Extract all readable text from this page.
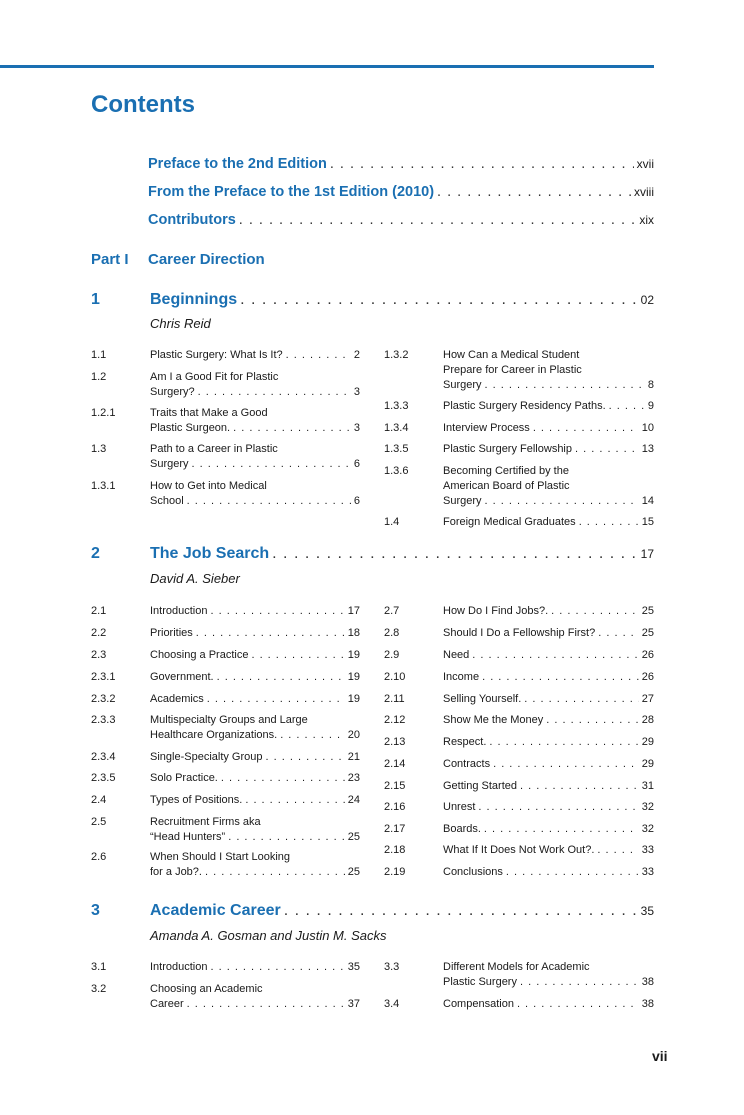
Contents
Preface to the 2nd Edition . . .	xvii
From the Preface to the 1st Edition (2010) . . .	xviii
Contributors . . .	xix
Part I Career Direction
1	Beginnings . . .	02
Chris Reid
1.1	Plastic Surgery: What Is It? . . .	2
1.2	Am I a Good Fit for Plastic
Surgery? . . .	3
1.2.1	Traits that Make a Good
Plastic Surgeon. . . .	3
1.3	Path to a Career in Plastic
Surgery . . .	6
1.3.1	How to Get into Medical
School . . .	6
1.3.2	How Can a Medical Student
Prepare for Career in Plastic
Surgery . . .	8
1.3.3	Plastic Surgery Residency Paths. . . .	9
1.3.4	Interview Process . . .	10
1.3.5	Plastic Surgery Fellowship . . .	13
1.3.6	Becoming Certified by the
American Board of Plastic
Surgery . . .	14
1.4	Foreign Medical Graduates . . .	15
2	The Job Search . . .	17
David A. Sieber
2.1	Introduction . . .	17
2.2	Priorities . . .	18
2.3	Choosing a Practice . . .	19
2.3.1	Government. . . .	19
2.3.2	Academics . . .	19
2.3.3	Multispecialty Groups and Large
Healthcare Organizations. . . .	20
2.3.4	Single-Specialty Group . . .	21
2.3.5	Solo Practice. . . .	23
2.4	Types of Positions. . . .	24
2.5	Recruitment Firms aka
“Head Hunters” . . .	25
2.6	When Should I Start Looking
for a Job?. . . .	25
2.7	How Do I Find Jobs?. . . .	25
2.8	Should I Do a Fellowship First? . . .	25
2.9	Need . . .	26
2.10	Income . . .	26
2.11	Selling Yourself. . . .	27
2.12	Show Me the Money . . .	28
2.13	Respect. . . .	29
2.14	Contracts . . .	29
2.15	Getting Started . . .	31
2.16	Unrest . . .	32
2.17	Boards. . . .	32
2.18	What If It Does Not Work Out?. . . .	33
2.19	Conclusions . . .	33
3	Academic Career . . .	35
Amanda A. Gosman and Justin M. Sacks
3.1	Introduction . . .	35
3.2	Choosing an Academic
Career . . .	37
3.3	Different Models for Academic
Plastic Surgery . . .	38
3.4	Compensation . . .	38
vii
